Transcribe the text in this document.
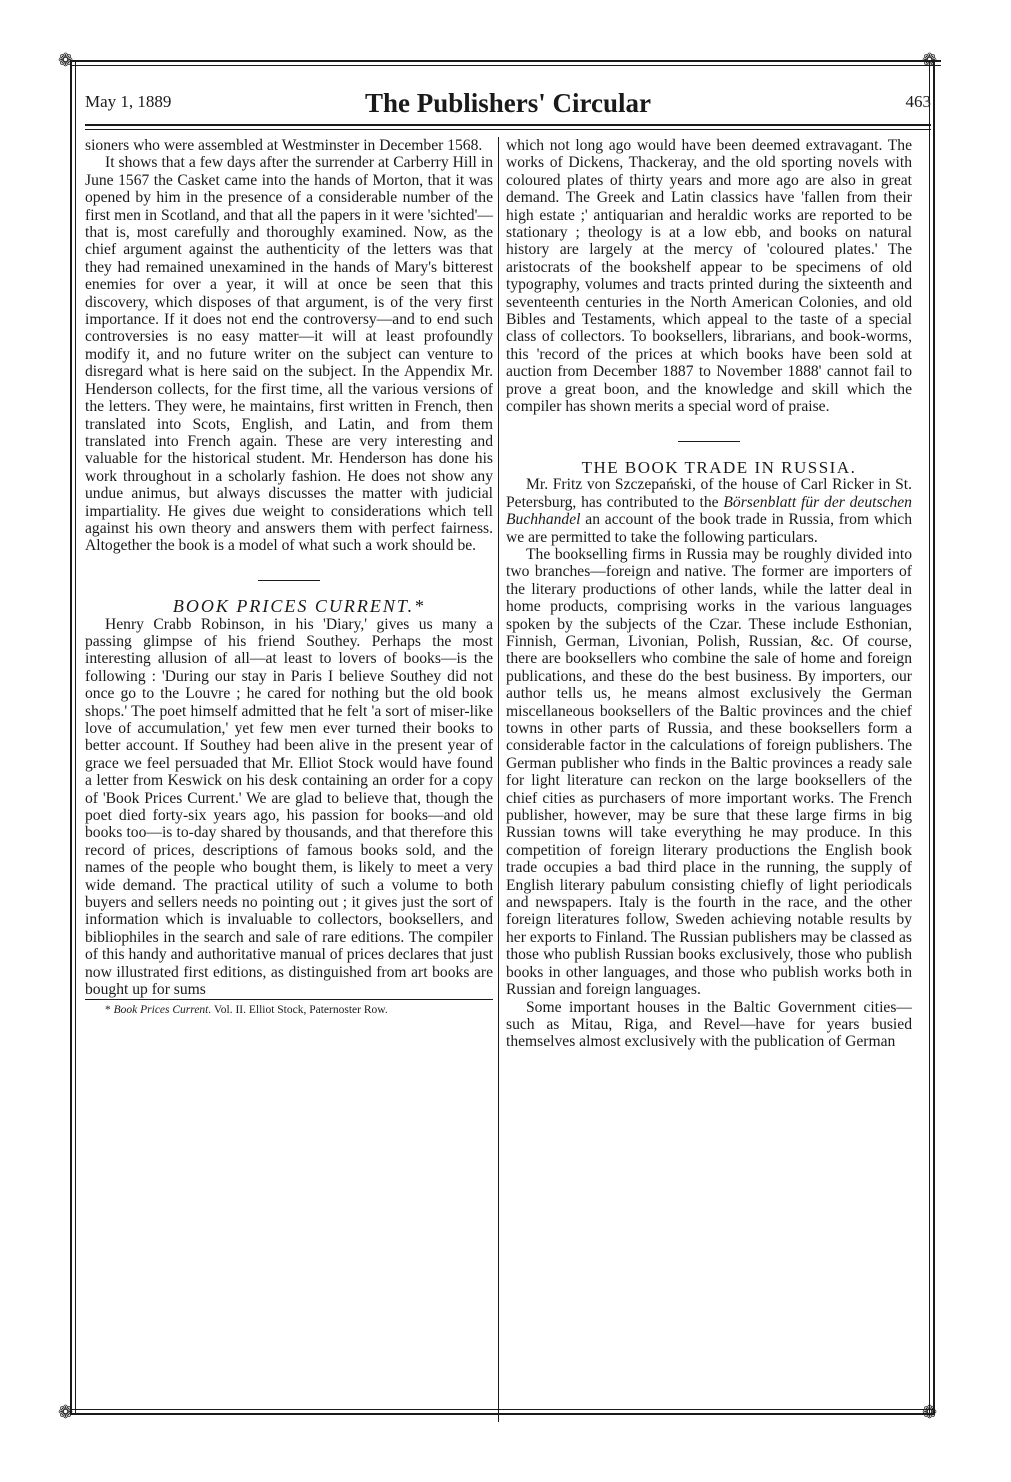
❁	❁
❁	❁
May 1, 1889	The Publishers' Circular	463

sioners who were assembled at Westminster in December 1568.

It shows that a few days after the surrender at Carberry Hill in June 1567 the Casket came into the hands of Morton, that it was opened by him in the presence of a considerable number of the first men in Scotland, and that all the papers in it were 'sichted'—that is, most carefully and thoroughly examined. Now, as the chief argument against the authenticity of the letters was that they had remained unexamined in the hands of Mary's bitterest enemies for over a year, it will at once be seen that this discovery, which disposes of that argument, is of the very first importance. If it does not end the controversy—and to end such controversies is no easy matter—it will at least profoundly modify it, and no future writer on the subject can venture to disregard what is here said on the subject. In the Appendix Mr. Henderson collects, for the first time, all the various versions of the letters. They were, he maintains, first written in French, then translated into Scots, English, and Latin, and from them translated into French again. These are very interesting and valuable for the historical student. Mr. Henderson has done his work throughout in a scholarly fashion. He does not show any undue animus, but always discusses the matter with judicial impartiality. He gives due weight to considerations which tell against his own theory and answers them with perfect fairness. Altogether the book is a model of what such a work should be.

BOOK PRICES CURRENT.*

Henry Crabb Robinson, in his 'Diary,' gives us many a passing glimpse of his friend Southey. Perhaps the most interesting allusion of all—at least to lovers of books—is the following : 'During our stay in Paris I believe Southey did not once go to the Louvre ; he cared for nothing but the old book shops.' The poet himself admitted that he felt 'a sort of miser-like love of accumulation,' yet few men ever turned their books to better account. If Southey had been alive in the present year of grace we feel persuaded that Mr. Elliot Stock would have found a letter from Keswick on his desk containing an order for a copy of 'Book Prices Current.' We are glad to believe that, though the poet died forty-six years ago, his passion for books—and old books too—is to-day shared by thousands, and that therefore this record of prices, descriptions of famous books sold, and the names of the people who bought them, is likely to meet a very wide demand. The practical utility of such a volume to both buyers and sellers needs no pointing out ; it gives just the sort of information which is invaluable to collectors, booksellers, and bibliophiles in the search and sale of rare editions. The compiler of this handy and authoritative manual of prices declares that just now illustrated first editions, as distinguished from art books are bought up for sums

* Book Prices Current. Vol. II. Elliot Stock, Paternoster Row.

which not long ago would have been deemed extravagant. The works of Dickens, Thackeray, and the old sporting novels with coloured plates of thirty years and more ago are also in great demand. The Greek and Latin classics have 'fallen from their high estate ;' antiquarian and heraldic works are reported to be stationary ; theology is at a low ebb, and books on natural history are largely at the mercy of 'coloured plates.' The aristocrats of the bookshelf appear to be specimens of old typography, volumes and tracts printed during the sixteenth and seventeenth centuries in the North American Colonies, and old Bibles and Testaments, which appeal to the taste of a special class of collectors. To booksellers, librarians, and book-worms, this 'record of the prices at which books have been sold at auction from December 1887 to November 1888' cannot fail to prove a great boon, and the knowledge and skill which the compiler has shown merits a special word of praise.

THE BOOK TRADE IN RUSSIA.

Mr. Fritz von Szczepański, of the house of Carl Ricker in St. Petersburg, has contributed to the Börsenblatt für der deutschen Buchhandel an account of the book trade in Russia, from which we are permitted to take the following particulars.

The bookselling firms in Russia may be roughly divided into two branches—foreign and native. The former are importers of the literary productions of other lands, while the latter deal in home products, comprising works in the various languages spoken by the subjects of the Czar. These include Esthonian, Finnish, German, Livonian, Polish, Russian, &c. Of course, there are booksellers who combine the sale of home and foreign publications, and these do the best business. By importers, our author tells us, he means almost exclusively the German miscellaneous booksellers of the Baltic provinces and the chief towns in other parts of Russia, and these booksellers form a considerable factor in the calculations of foreign publishers. The German publisher who finds in the Baltic provinces a ready sale for light literature can reckon on the large booksellers of the chief cities as purchasers of more important works. The French publisher, however, may be sure that these large firms in big Russian towns will take everything he may produce. In this competition of foreign literary productions the English book trade occupies a bad third place in the running, the supply of English literary pabulum consisting chiefly of light periodicals and newspapers. Italy is the fourth in the race, and the other foreign literatures follow, Sweden achieving notable results by her exports to Finland. The Russian publishers may be classed as those who publish Russian books exclusively, those who publish books in other languages, and those who publish works both in Russian and foreign languages.

Some important houses in the Baltic Government cities—such as Mitau, Riga, and Revel—have for years busied themselves almost exclusively with the publication of German
